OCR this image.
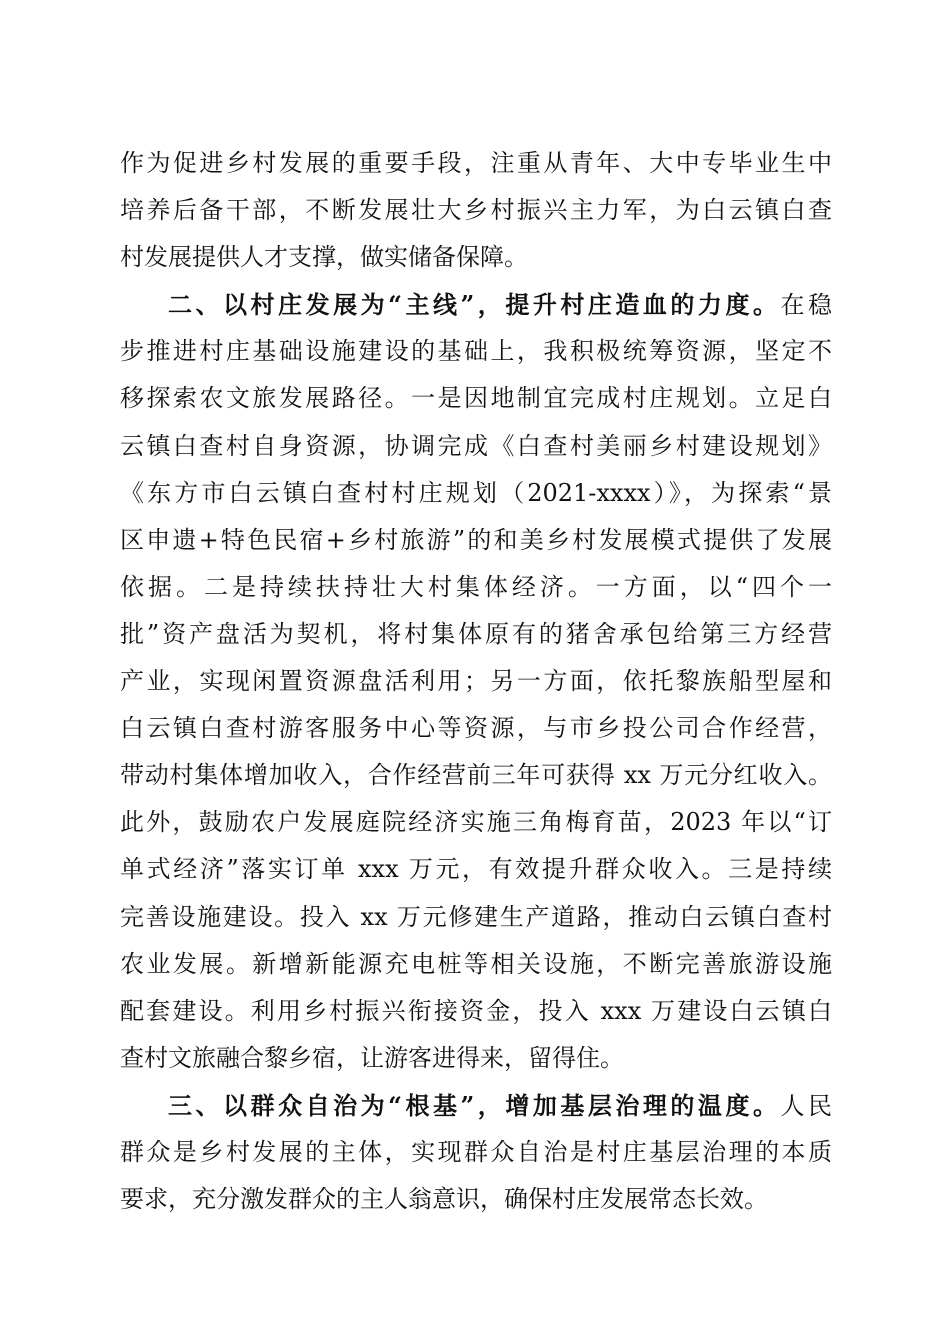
作为促进乡村发展的重要手段，注重从青年、大中专毕业生中
培养后备干部，不断发展壮大乡村振兴主力军，为白云镇白查
村发展提供人才支撑，做实储备保障。
二、以村庄发展为“主线”，提升村庄造血的力度。在稳
步推进村庄基础设施建设的基础上，我积极统筹资源，坚定不
移探索农文旅发展路径。一是因地制宜完成村庄规划。立足白
云镇白查村自身资源，协调完成《白查村美丽乡村建设规划》
《东方市白云镇白查村村庄规划（2021-xxxx）》，为探索“景
区申遗+特色民宿+乡村旅游”的和美乡村发展模式提供了发展
依据。二是持续扶持壮大村集体经济。一方面，以“四个一
批”资产盘活为契机，将村集体原有的猪舍承包给第三方经营
产业，实现闲置资源盘活利用；另一方面，依托黎族船型屋和
白云镇白查村游客服务中心等资源，与市乡投公司合作经营，
带动村集体增加收入，合作经营前三年可获得 xx 万元分红收入。
此外，鼓励农户发展庭院经济实施三角梅育苗，2023 年以“订
单式经济”落实订单 xxx 万元，有效提升群众收入。三是持续
完善设施建设。投入 xx 万元修建生产道路，推动白云镇白查村
农业发展。新增新能源充电桩等相关设施，不断完善旅游设施
配套建设。利用乡村振兴衔接资金，投入 xxx 万建设白云镇白
查村文旅融合黎乡宿，让游客进得来，留得住。
三、以群众自治为“根基”，增加基层治理的温度。人民
群众是乡村发展的主体，实现群众自治是村庄基层治理的本质
要求，充分激发群众的主人翁意识，确保村庄发展常态长效。
